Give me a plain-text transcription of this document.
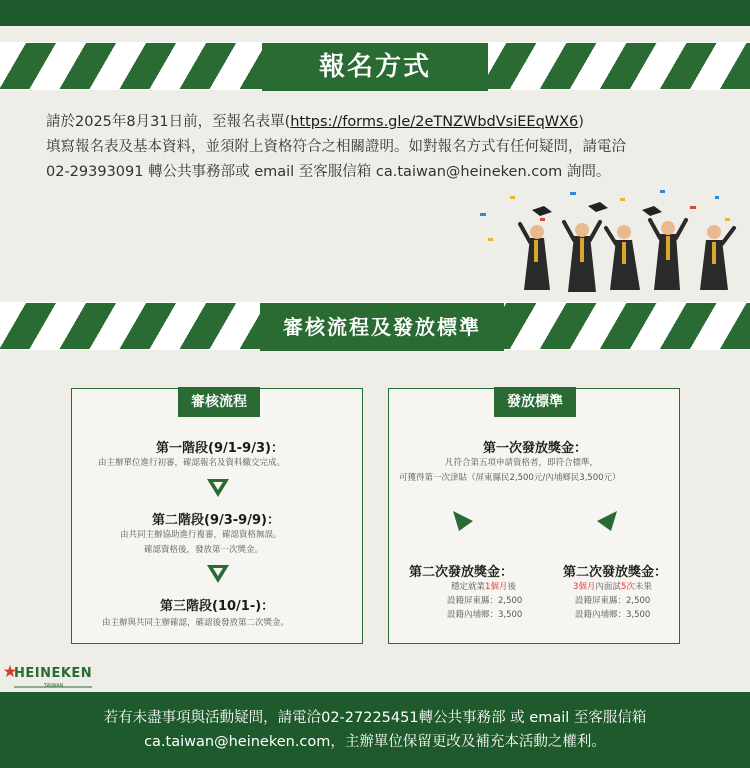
報名方式

請於2025年8月31日前，至報名表單(https://forms.gle/2eTNZWbdVsiEEqWX6)

填寫報名表及基本資料，並須附上資格符合之相關證明。如對報名方式有任何疑問，請電洽

02-29393091 轉公共事務部或 email 至客服信箱 ca.taiwan@heineken.com 詢問。

審核流程及發放標準
審核流程
第一階段(9/1-9/3)：
由主辦單位進行初審，確認報名及資料繳交完成。
第二階段(9/3-9/9)：
由共同主辦協助進行複審，確認資格無誤。
確認資格後，發放第一次獎金。
第三階段(10/1-)：
由主辦與共同主辦確認，確認後發放第二次獎金。
發放標準
第一次發放獎金：
凡符合第五項申請資格者，即符合標準，
可獲得第一次津貼（屏東縣民2,500元/內埔鄉民3,500元）
第二次發放獎金：
穩定就業1個月後
設籍屏東縣：2,500
設籍內埔鄉：3,500
第二次發放獎金：
3個月內面試5次未果
設籍屏東縣：2,500
設籍內埔鄉：3,500
HEINEKEN
TAIWAN

若有未盡事項與活動疑問，請電洽02-27225451轉公共事務部 或 email 至客服信箱

ca.taiwan@heineken.com，主辦單位保留更改及補充本活動之權利。
